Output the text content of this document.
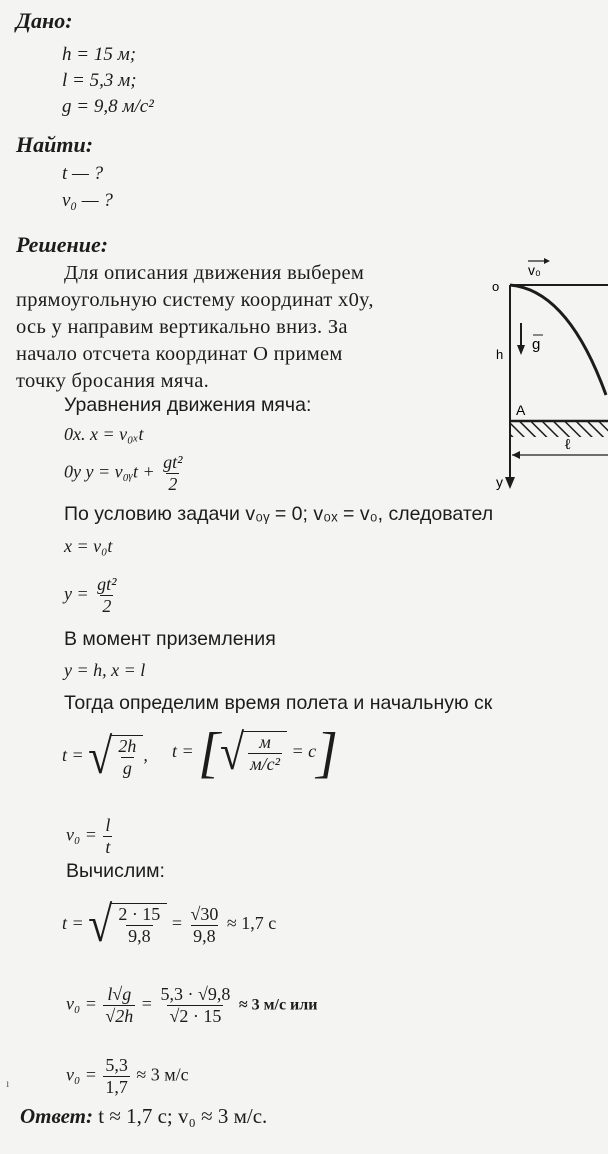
Дано:
h = 15 м;
l = 5,3 м;
g = 9,8 м/c²
Найти:
t — ?
v₀ — ?
Решение:
Для описания движения выберем
прямоугольную систему координат x0y,
ось y направим вертикально вниз. За
начало отсчета координат O примем
точку бросания мяча.
Уравнения движения мяча:
0x. x = v₀ₓt
0y y = v₀ᵧt + $\frac{\text{gt²}}{2}$
По условию задачи v₀ᵧ = 0; v₀ₓ = v₀, следовател
x = v₀t
$y = \frac{\text{gt²}}{2}$
В момент приземления
y = h, x = l
Тогда определим время полета и начальную ск
t = √ $\frac{2h}{g}$ , t = [ √ $\frac{м}{\text{м/c²}} = c$]
$v_0 = \frac{l}{t}$
Вычислим:
t = √ $\frac{2 \cdot 15}{9,8} = \frac{√30}{9,8} \approx 1,7$ c
$v_0 = \frac{l√g}{√2h} = \frac{5,3 \cdot √9,8}{√2 \cdot 15} \approx 3$ м/c или
$v_0 = \frac{5,3}{1,7} \approx 3$ м/c
ı
Ответ: t ≈ 1,7 с; v₀ ≈ 3 м/с.
o
v₀
g
h
A
ℓ
y
